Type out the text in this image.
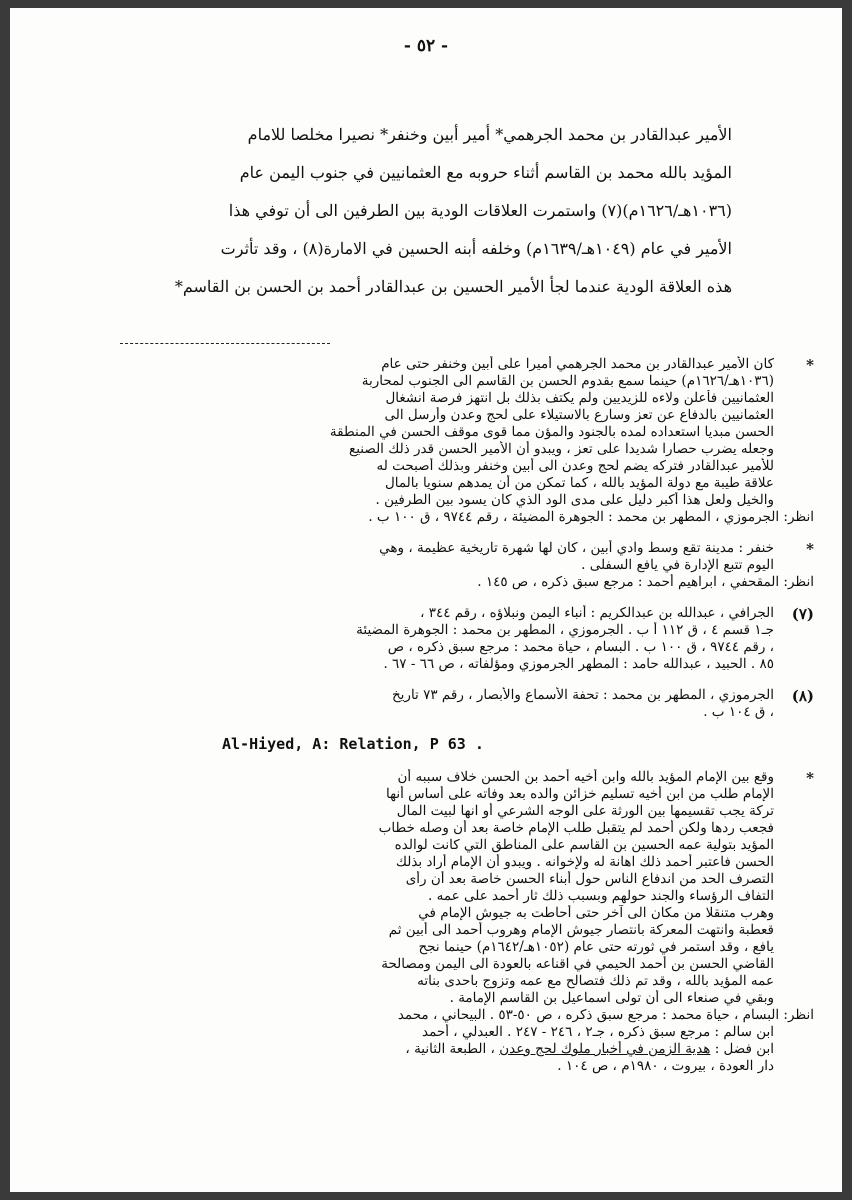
- ٥٢ -
الأمير عبدالقادر بن محمد الجرهمي* أمير أبين وخنفر* نصيرا مخلصا للامام
المؤيد بالله محمد بن القاسم أثناء حروبه مع العثمانيين في جنوب اليمن عام
(١٠٣٦هـ/١٦٢٦م)(٧) واستمرت العلاقات الودية بين الطرفين الى أن توفي هذا
الأمير في عام (١٠٤٩هـ/١٦٣٩م) وخلفه أبنه الحسين في الامارة(٨) ، وقد تأثرت
هذه العلاقة الودية عندما لجأ الأمير الحسين بن عبدالقادر أحمد بن الحسن بن القاسم*
*
كان الأمير عبدالقادر بن محمد الجرهمي أميرا على أبين وخنفر حتى عام
(١٠٣٦هـ/١٦٢٦م) حينما سمع بقدوم الحسن بن القاسم الى الجنوب لمحاربة
العثمانيين فأعلن ولاءه للزيديين ولم يكتف بذلك بل انتهز فرصة انشغال
العثمانيين بالدفاع عن تعز وسارع بالاستيلاء على لحج وعدن وأرسل الى
الحسن مبديا استعداده لمده بالجنود والمؤن مما قوى موقف الحسن في المنطقة
وجعله يضرب حصارا شديدا على تعز ، ويبدو أن الأمير الحسن قدر ذلك الصنيع
للأمير عبدالقادر فتركه يضم لحج وعدن الى أبين وخنفر وبذلك أصبحت له
علاقة طيبة مع دولة المؤيد بالله ، كما تمكن من أن يمدهم سنويا بالمال
والخيل ولعل هذا أكبر دليل على مدى الود الذي كان يسود بين الطرفين .
انظر: الجرموزي ، المطهر بن محمد : الجوهرة المضيئة ، رقم ٩٧٤٤ ، ق ١٠٠ ب .
*
خنفر : مدينة تقع وسط وادي أبين ، كان لها شهرة تاريخية عظيمة ، وهي
اليوم تتبع الإدارة في يافع السفلى .
انظر: المقحفي ، ابراهيم أحمد : مرجع سبق ذكره ، ص ١٤٥ .
(٧)
الجرافي ، عبدالله بن عبدالكريم : أنباء اليمن ونبلاؤه ، رقم ٣٤٤ ،
جـ١ قسم ٤ ، ق ١١٢ أ ب . الجرموزي ، المطهر بن محمد : الجوهرة المضيئة
، رقم ٩٧٤٤ ، ق ١٠٠ ب . البسام ، حياة محمد : مرجع سبق ذكره ، ص
٨٥ . الحبيد ، عبدالله حامد : المطهر الجرموزي ومؤلفاته ، ص ٦٦ - ٦٧ .
(٨)
الجرموزي ، المطهر بن محمد : تحفة الأسماع والأبصار ، رقم ٧٣ تاريخ
، ق ١٠٤ ب .
Al-Hiyed, A: Relation, P 63 .
*
وقع بين الإمام المؤيد بالله وابن أخيه أحمد بن الحسن خلاف سببه أن
الإمام طلب من ابن أخيه تسليم خزائن والده بعد وفاته على أساس أنها
تركة يجب تقسيمها بين الورثة على الوجه الشرعي أو انها لبيت المال
فجعب ردها ولكن أحمد لم يتقبل طلب الإمام خاصة بعد أن وصله خطاب
المؤيد بتولية عمه الحسين بن القاسم على المناطق التي كانت لوالده
الحسن فاعتبر أحمد ذلك اهانة له ولإخوانه . ويبدو أن الإمام أراد بذلك
التصرف الحد من اندفاع الناس حول أبناء الحسن خاصة بعد أن رأى
التفاف الرؤساء والجند حولهم وبسبب ذلك ثار أحمد على عمه .
وهرب متنقلا من مكان الى آخر حتى أحاطت به جيوش الإمام في
قعطبة وانتهت المعركة بانتصار جيوش الإمام وهروب أحمد الى أبين ثم
يافع ، وقد استمر في ثورته حتى عام (١٠٥٢هـ/١٦٤٢م) حينما نجح
القاضي الحسن بن أحمد الحيمي في اقناعه بالعودة الى اليمن ومصالحة
عمه المؤيد بالله ، وقد تم ذلك فتصالح مع عمه وتزوج باحدى بناته
وبقي في صنعاء الى أن تولى اسماعيل بن القاسم الإمامة .
انظر: البسام ، حياة محمد : مرجع سبق ذكره ، ص ٥٠-٥٣ . البيحاني ، محمد
ابن سالم : مرجع سبق ذكره ، جـ٢ ، ٢٤٦ - ٢٤٧ . العبدلي ، أحمد
ابن فضل : هدية الزمن في أخبار ملوك لحج وعدن ، الطبعة الثانية ،
دار العودة ، بيروت ، ١٩٨٠م ، ص ١٠٤ .
